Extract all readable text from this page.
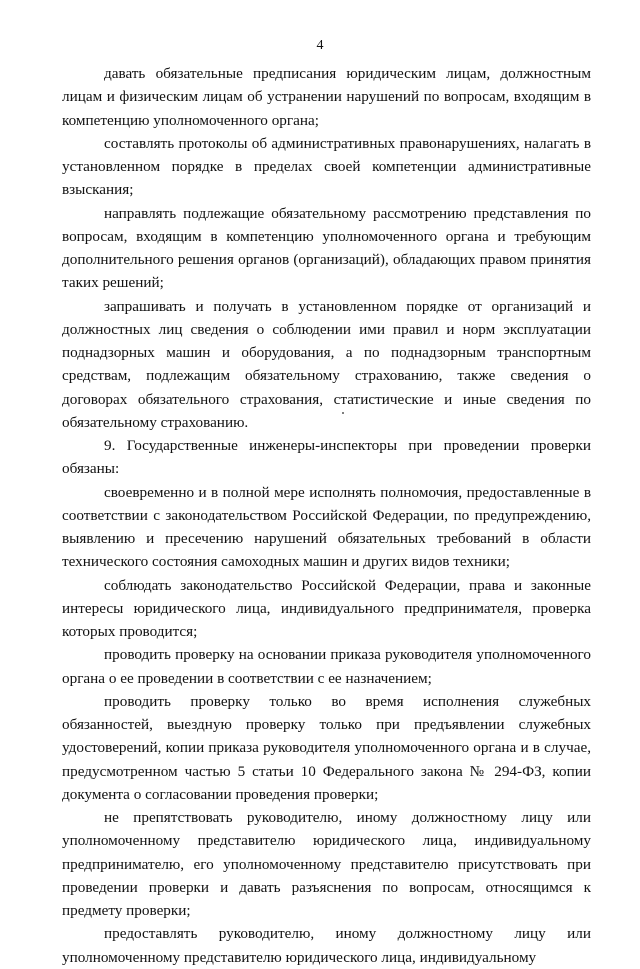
4

давать обязательные предписания юридическим лицам, должностным лицам и физическим лицам об устранении нарушений по вопросам, входящим в компетенцию уполномоченного органа;

составлять протоколы об административных правонарушениях, налагать в установленном порядке в пределах своей компетенции административные взыскания;

направлять подлежащие обязательному рассмотрению представления по вопросам, входящим в компетенцию уполномоченного органа и требующим дополнительного решения органов (организаций), обладающих правом принятия таких решений;

запрашивать и получать в установленном порядке от организаций и должностных лиц сведения о соблюдении ими правил и норм эксплуатации поднадзорных машин и оборудования, а по поднадзорным транспортным средствам, подлежащим обязательному страхованию, также сведения о договорах обязательного страхования, статистические и иные сведения по обязательному страхованию.

9. Государственные инженеры-инспекторы при проведении проверки обязаны:

своевременно и в полной мере исполнять полномочия, предоставленные в соответствии с законодательством Российской Федерации, по предупреждению, выявлению и пресечению нарушений обязательных требований в области технического состояния самоходных машин и других видов техники;

соблюдать законодательство Российской Федерации, права и законные интересы юридического лица, индивидуального предпринимателя, проверка которых проводится;

проводить проверку на основании приказа руководителя уполномоченного органа о ее проведении в соответствии с ее назначением;

проводить проверку только во время исполнения служебных обязанностей, выездную проверку только при предъявлении служебных удостоверений, копии приказа руководителя уполномоченного органа и в случае, предусмотренном частью 5 статьи 10 Федерального закона № 294-ФЗ, копии документа о согласовании проведения проверки;

не препятствовать руководителю, иному должностному лицу или уполномоченному представителю юридического лица, индивидуальному предпринимателю, его уполномоченному представителю присутствовать при проведении проверки и давать разъяснения по вопросам, относящимся к предмету проверки;

предоставлять руководителю, иному должностному лицу или уполномоченному представителю юридического лица, индивидуальному
